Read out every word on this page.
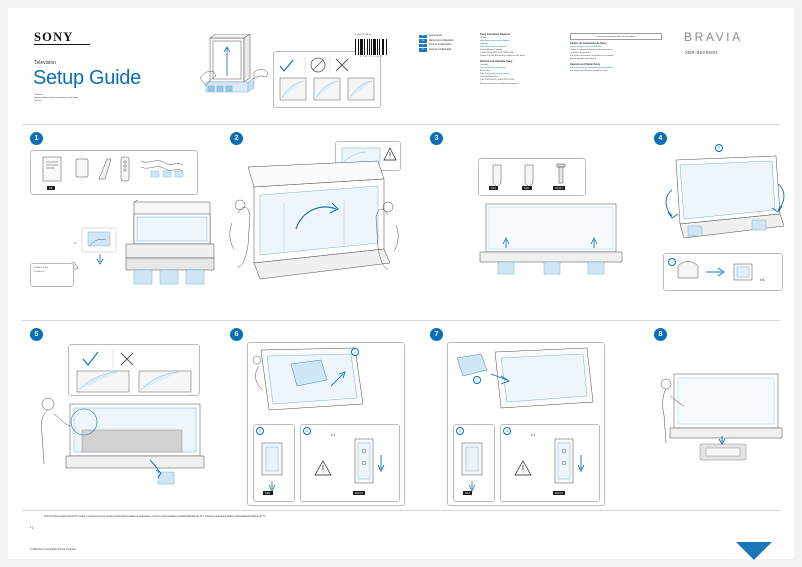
SONY
Television
Setup Guide
Téléviseur
Televisor digital a color con pantalla de cristal líquido
Televisor
5-034-752-98(1)
5-034-752-98(1)
EN	Setup Guide
FR	Manuel de configuration
ES	Guía de configuración
PT	Guia de Configuração
Sony Customer Support
U.S.A.
http://www.sony.com/tvsupport
Canada
http://www.sony.ca/support
United States, Canada
1-800-222-SONY 1-877-899-SONY
Please Do Not Return the Product to the Store
Service à la clientèle Sony
Canada
http://www.sony.ca/support
États-Unis
http://www.sony.com/tvsupport
Canada États-Unis
1-877-899-SONY 1-800-222-SONY
Ne retournez pas le produit au magasin
Centro de Asistencia de Sony
http://esupport.sony.com/ES/LA/
Llame al número telefónico que aparece en
su póliza de garantía.
Por favor no devuelva el producto a la tienda
donde adquirió el producto.
Suporte ao Cliente Sony
https://www.sony.com.br/electronics/support
Por favor, não devolva o produto à loja
Lea este manual antes de usar el producto	BRAVIA
XBR-85X950H
1
AB
5.5 lb/to 5.5 lb in
[76 kg/6 cm]
*1
2	3
SA2	SM1	M6x12
4
2
1
x 6
5	6
1
2
SM1
3
x 2
M6x32
7
1
3
SA2
4
x 2
M6x32
8
*1
Only for limited region/country/TV model. / Uniquement pour certains région/pays/modèles de téléviseurs. / Solo en regiones/países limitados/Modelo de TV. / Somente para determinados regiões/países/modelos de TV.
© 2020 Sony Corporation Printed in Mexico
